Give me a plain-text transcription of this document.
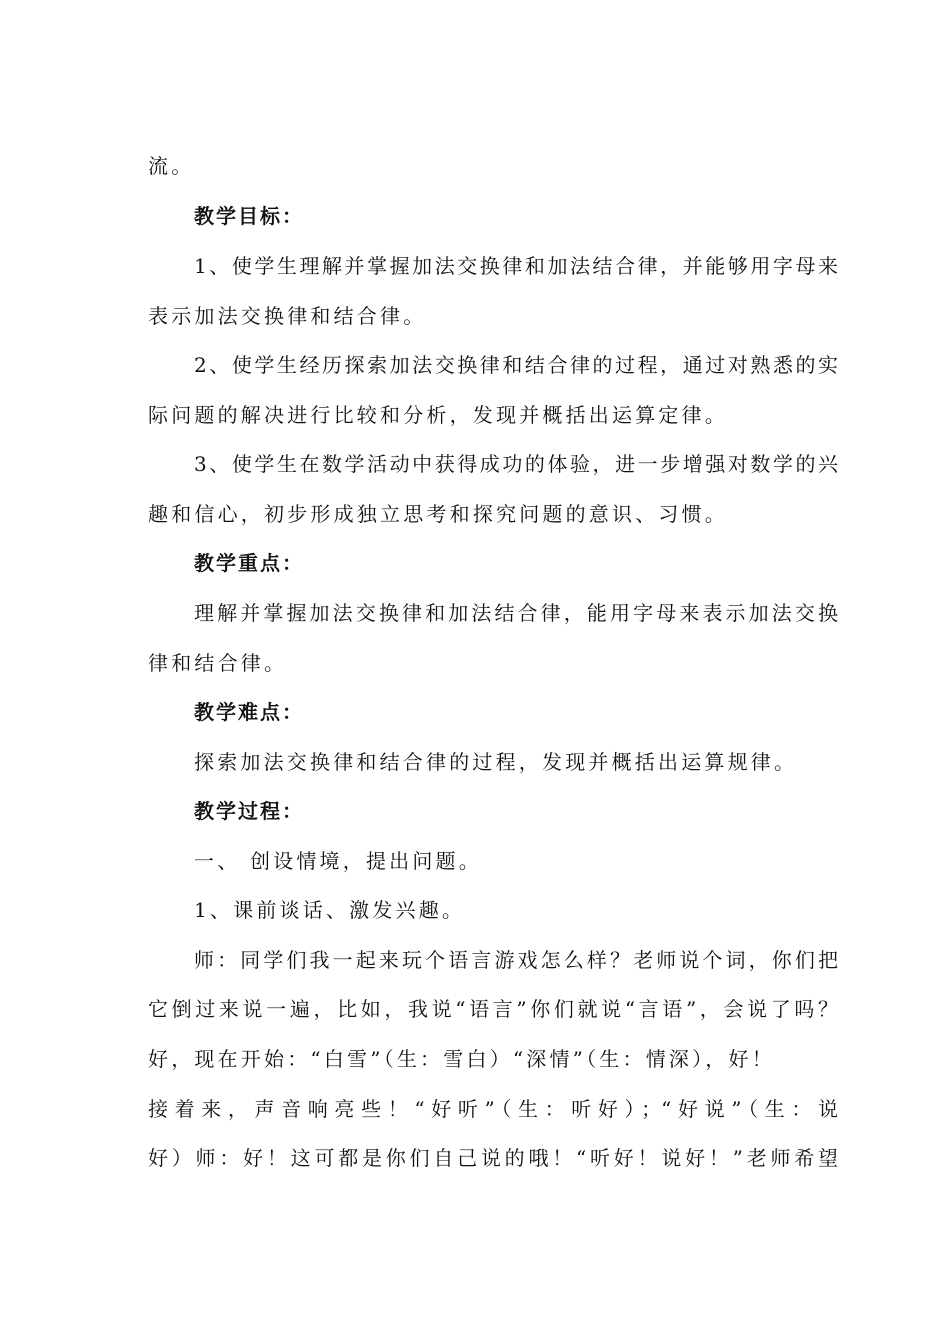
流。
教学目标：
1、使学生理解并掌握加法交换律和加法结合律，并能够用字母来
表示加法交换律和结合律。
2、使学生经历探索加法交换律和结合律的过程，通过对熟悉的实
际问题的解决进行比较和分析，发现并概括出运算定律。
3、使学生在数学活动中获得成功的体验，进一步增强对数学的兴
趣和信心，初步形成独立思考和探究问题的意识、习惯。
教学重点：
理解并掌握加法交换律和加法结合律，能用字母来表示加法交换
律和结合律。
教学难点：
探索加法交换律和结合律的过程，发现并概括出运算规律。
教学过程：
一、 创设情境，提出问题。
1、课前谈话、激发兴趣。
师：同学们我一起来玩个语言游戏怎么样？老师说个词，你们把
它倒过来说一遍，比如，我说“语言”你们就说“言语”，会说了吗？
好，现在开始：“白雪”（生：雪白）“深情”（生：情深），好！
接着来，声音响亮些！“好听”（生：听好）；“好说”（生：说
好）师：好！这可都是你们自己说的哦！“听好！说好！”老师希望
